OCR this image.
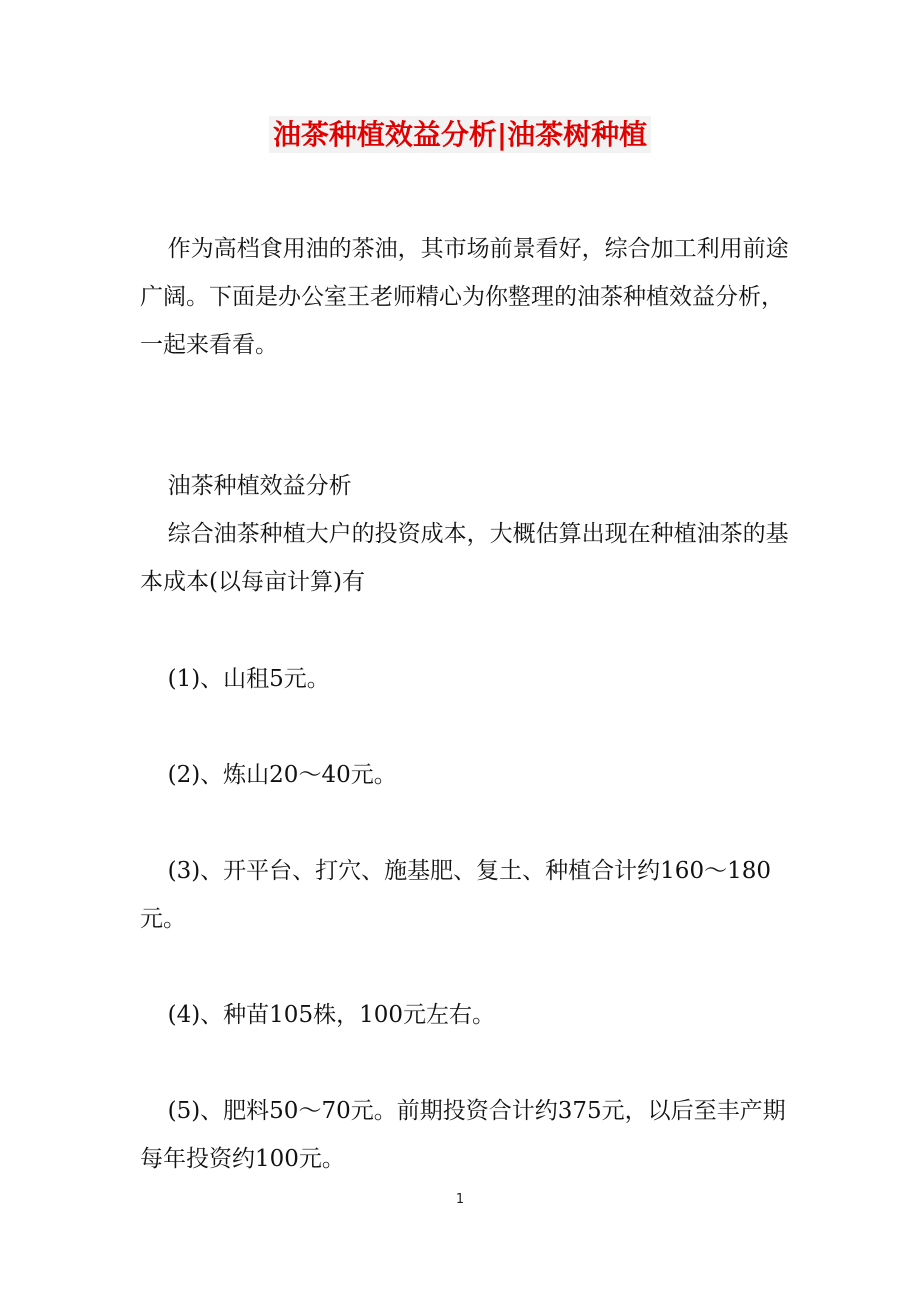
油茶种植效益分析|油茶树种植

作为高档食用油的茶油，其市场前景看好，综合加工利用前途广阔。下面是办公室王老师精心为你整理的油茶种植效益分析，一起来看看。

油茶种植效益分析

综合油茶种植大户的投资成本，大概估算出现在种植油茶的基本成本(以每亩计算)有

(1)、山租5元。

(2)、炼山20～40元。

(3)、开平台、打穴、施基肥、复土、种植合计约160～180元。

(4)、种苗105株，100元左右。

(5)、肥料50～70元。前期投资合计约375元，以后至丰产期每年投资约100元。

1
